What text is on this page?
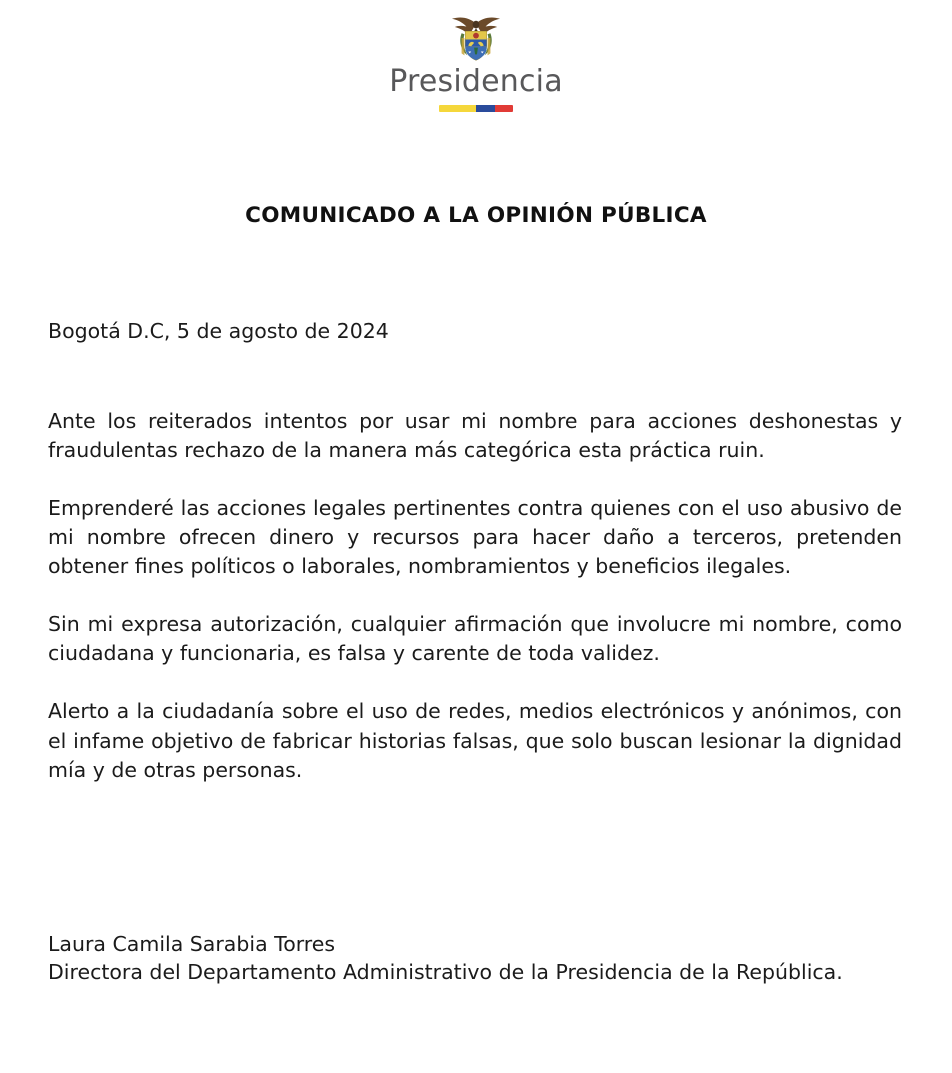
Presidencia
COMUNICADO A LA OPINIÓN PÚBLICA

Bogotá D.C, 5 de agosto de 2024

Ante los reiterados intentos por usar mi nombre para acciones deshonestas y fraudulentas rechazo de la manera más categórica esta práctica ruin.

Emprenderé las acciones legales pertinentes contra quienes con el uso abusivo de mi nombre ofrecen dinero y recursos para hacer daño a terceros, pretenden obtener fines políticos o laborales, nombramientos y beneficios ilegales.

Sin mi expresa autorización, cualquier afirmación que involucre mi nombre, como ciudadana y funcionaria, es falsa y carente de toda validez.

Alerto a la ciudadanía sobre el uso de redes, medios electrónicos y anónimos, con el infame objetivo de fabricar historias falsas, que solo buscan lesionar la dignidad mía y de otras personas.

Laura Camila Sarabia Torres

Directora del Departamento Administrativo de la Presidencia de la República.
